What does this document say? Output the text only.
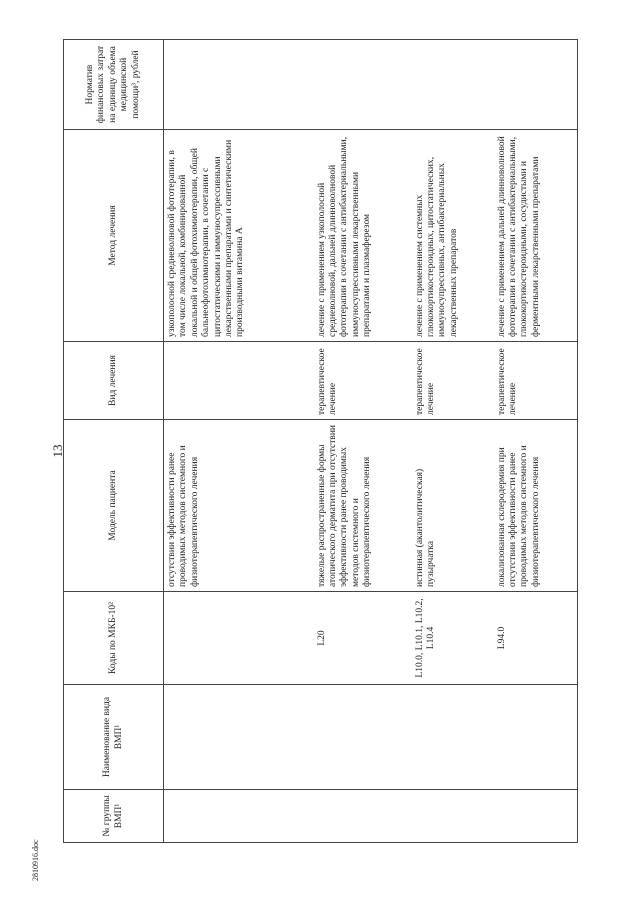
13
2810916.doc
№ группы ВМП¹	Наименование вида ВМП¹	Коды по МКБ-10²	Модель пациента	Вид лечения	Метод лечения	Норматив финансовых затрат на единицу объема медицинской помощи³, рублей
			отсутствии эффективности ранее проводимых методов системного и физиотерапевтического лечения		узкополосной средневолновой фототерапии, в том числе локальной, комбинированной локальной и общей фотохимиотерапии, общей бальнеофотохимиотерапии, в сочетании с цитостатическими и иммуносупрессивными лекарственными препаратами и синтетическими производными витамина А	
		L20	тяжелые распространенные формы атопического дерматита при отсутствии эффективности ранее проводимых методов системного и физиотерапевтического лечения	терапевтическое лечение	лечение с применением узкополосной средневолновой, дальней длинноволновой фототерапии в сочетании с антибактериальными, иммуносупрессивными лекарственными препаратами и плазмаферезом	
		L10.0, L10.1, L10.2, L10.4	истинная (акантолитическая) пузырчатка	терапевтическое лечение	лечение с применением системных глюкокортикостероидных, цитостатических, иммуносупрессивных, антибактериальных лекарственных препаратов	
		L94.0	локализованная склеродермия при отсутствии эффективности ранее проводимых методов системного и физиотерапевтического лечения	терапевтическое лечение	лечение с применением дальней длинноволновой фототерапии в сочетании с антибактериальными, глюкокортикостероидными, сосудистыми и ферментными лекарственными препаратами	
